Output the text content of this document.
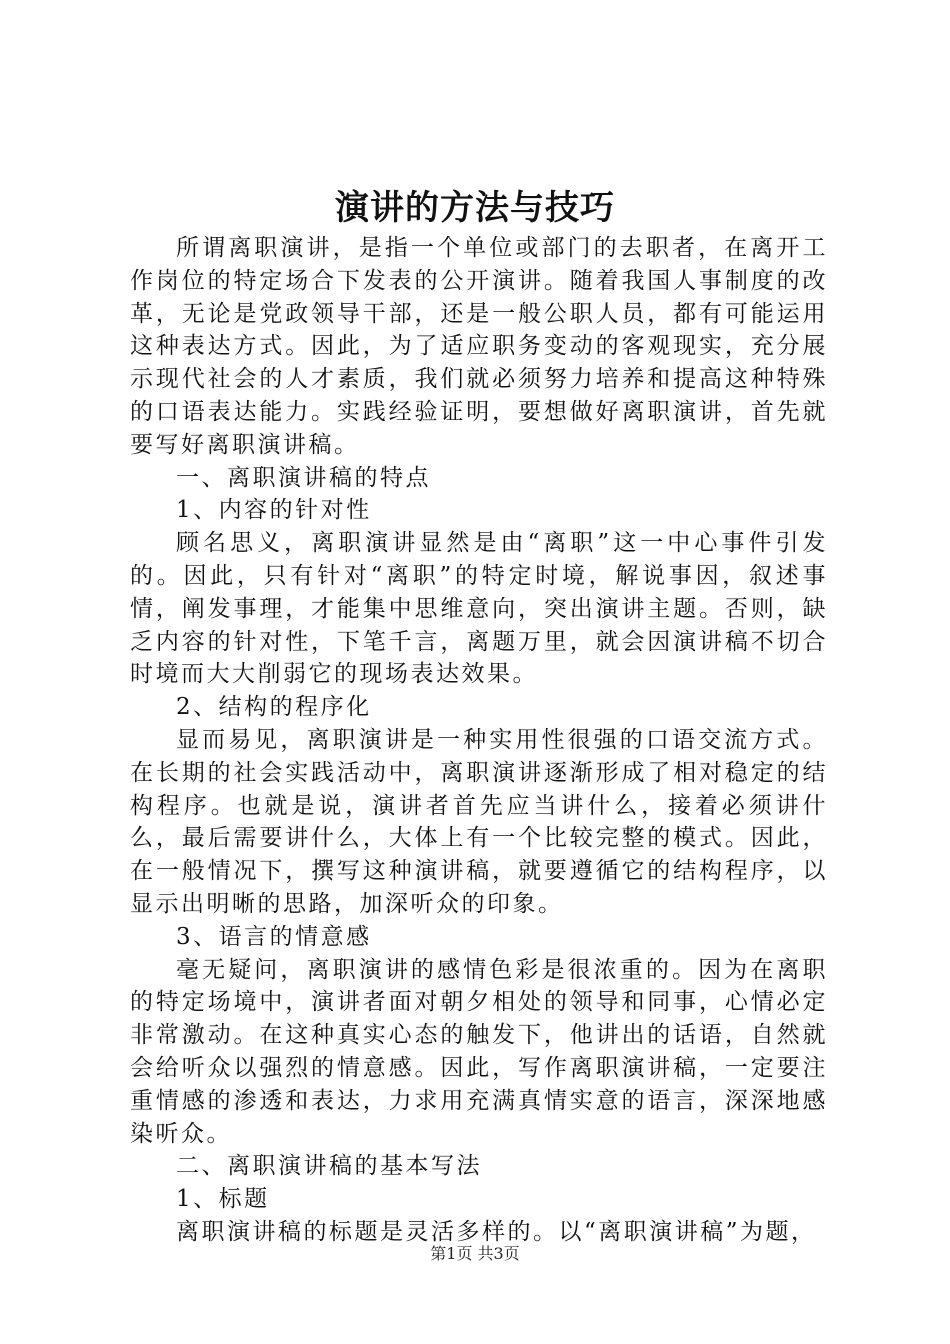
演讲的方法与技巧

所谓离职演讲，是指一个单位或部门的去职者，在离开工作岗位的特定场合下发表的公开演讲。随着我国人事制度的改革，无论是党政领导干部，还是一般公职人员，都有可能运用这种表达方式。因此，为了适应职务变动的客观现实，充分展示现代社会的人才素质，我们就必须努力培养和提高这种特殊的口语表达能力。实践经验证明，要想做好离职演讲，首先就要写好离职演讲稿。

一、离职演讲稿的特点

1、内容的针对性

顾名思义，离职演讲显然是由“离职”这一中心事件引发的。因此，只有针对“离职”的特定时境，解说事因，叙述事情，阐发事理，才能集中思维意向，突出演讲主题。否则，缺乏内容的针对性，下笔千言，离题万里，就会因演讲稿不切合时境而大大削弱它的现场表达效果。

2、结构的程序化

显而易见，离职演讲是一种实用性很强的口语交流方式。在长期的社会实践活动中，离职演讲逐渐形成了相对稳定的结构程序。也就是说，演讲者首先应当讲什么，接着必须讲什么，最后需要讲什么，大体上有一个比较完整的模式。因此，在一般情况下，撰写这种演讲稿，就要遵循它的结构程序，以显示出明晰的思路，加深听众的印象。

3、语言的情意感

毫无疑问，离职演讲的感情色彩是很浓重的。因为在离职的特定场境中，演讲者面对朝夕相处的领导和同事，心情必定非常激动。在这种真实心态的触发下，他讲出的话语，自然就会给听众以强烈的情意感。因此，写作离职演讲稿，一定要注重情感的渗透和表达，力求用充满真情实意的语言，深深地感染听众。

二、离职演讲稿的基本写法

1、标题

离职演讲稿的标题是灵活多样的。以“离职演讲稿”为题，

第1页 共3页
